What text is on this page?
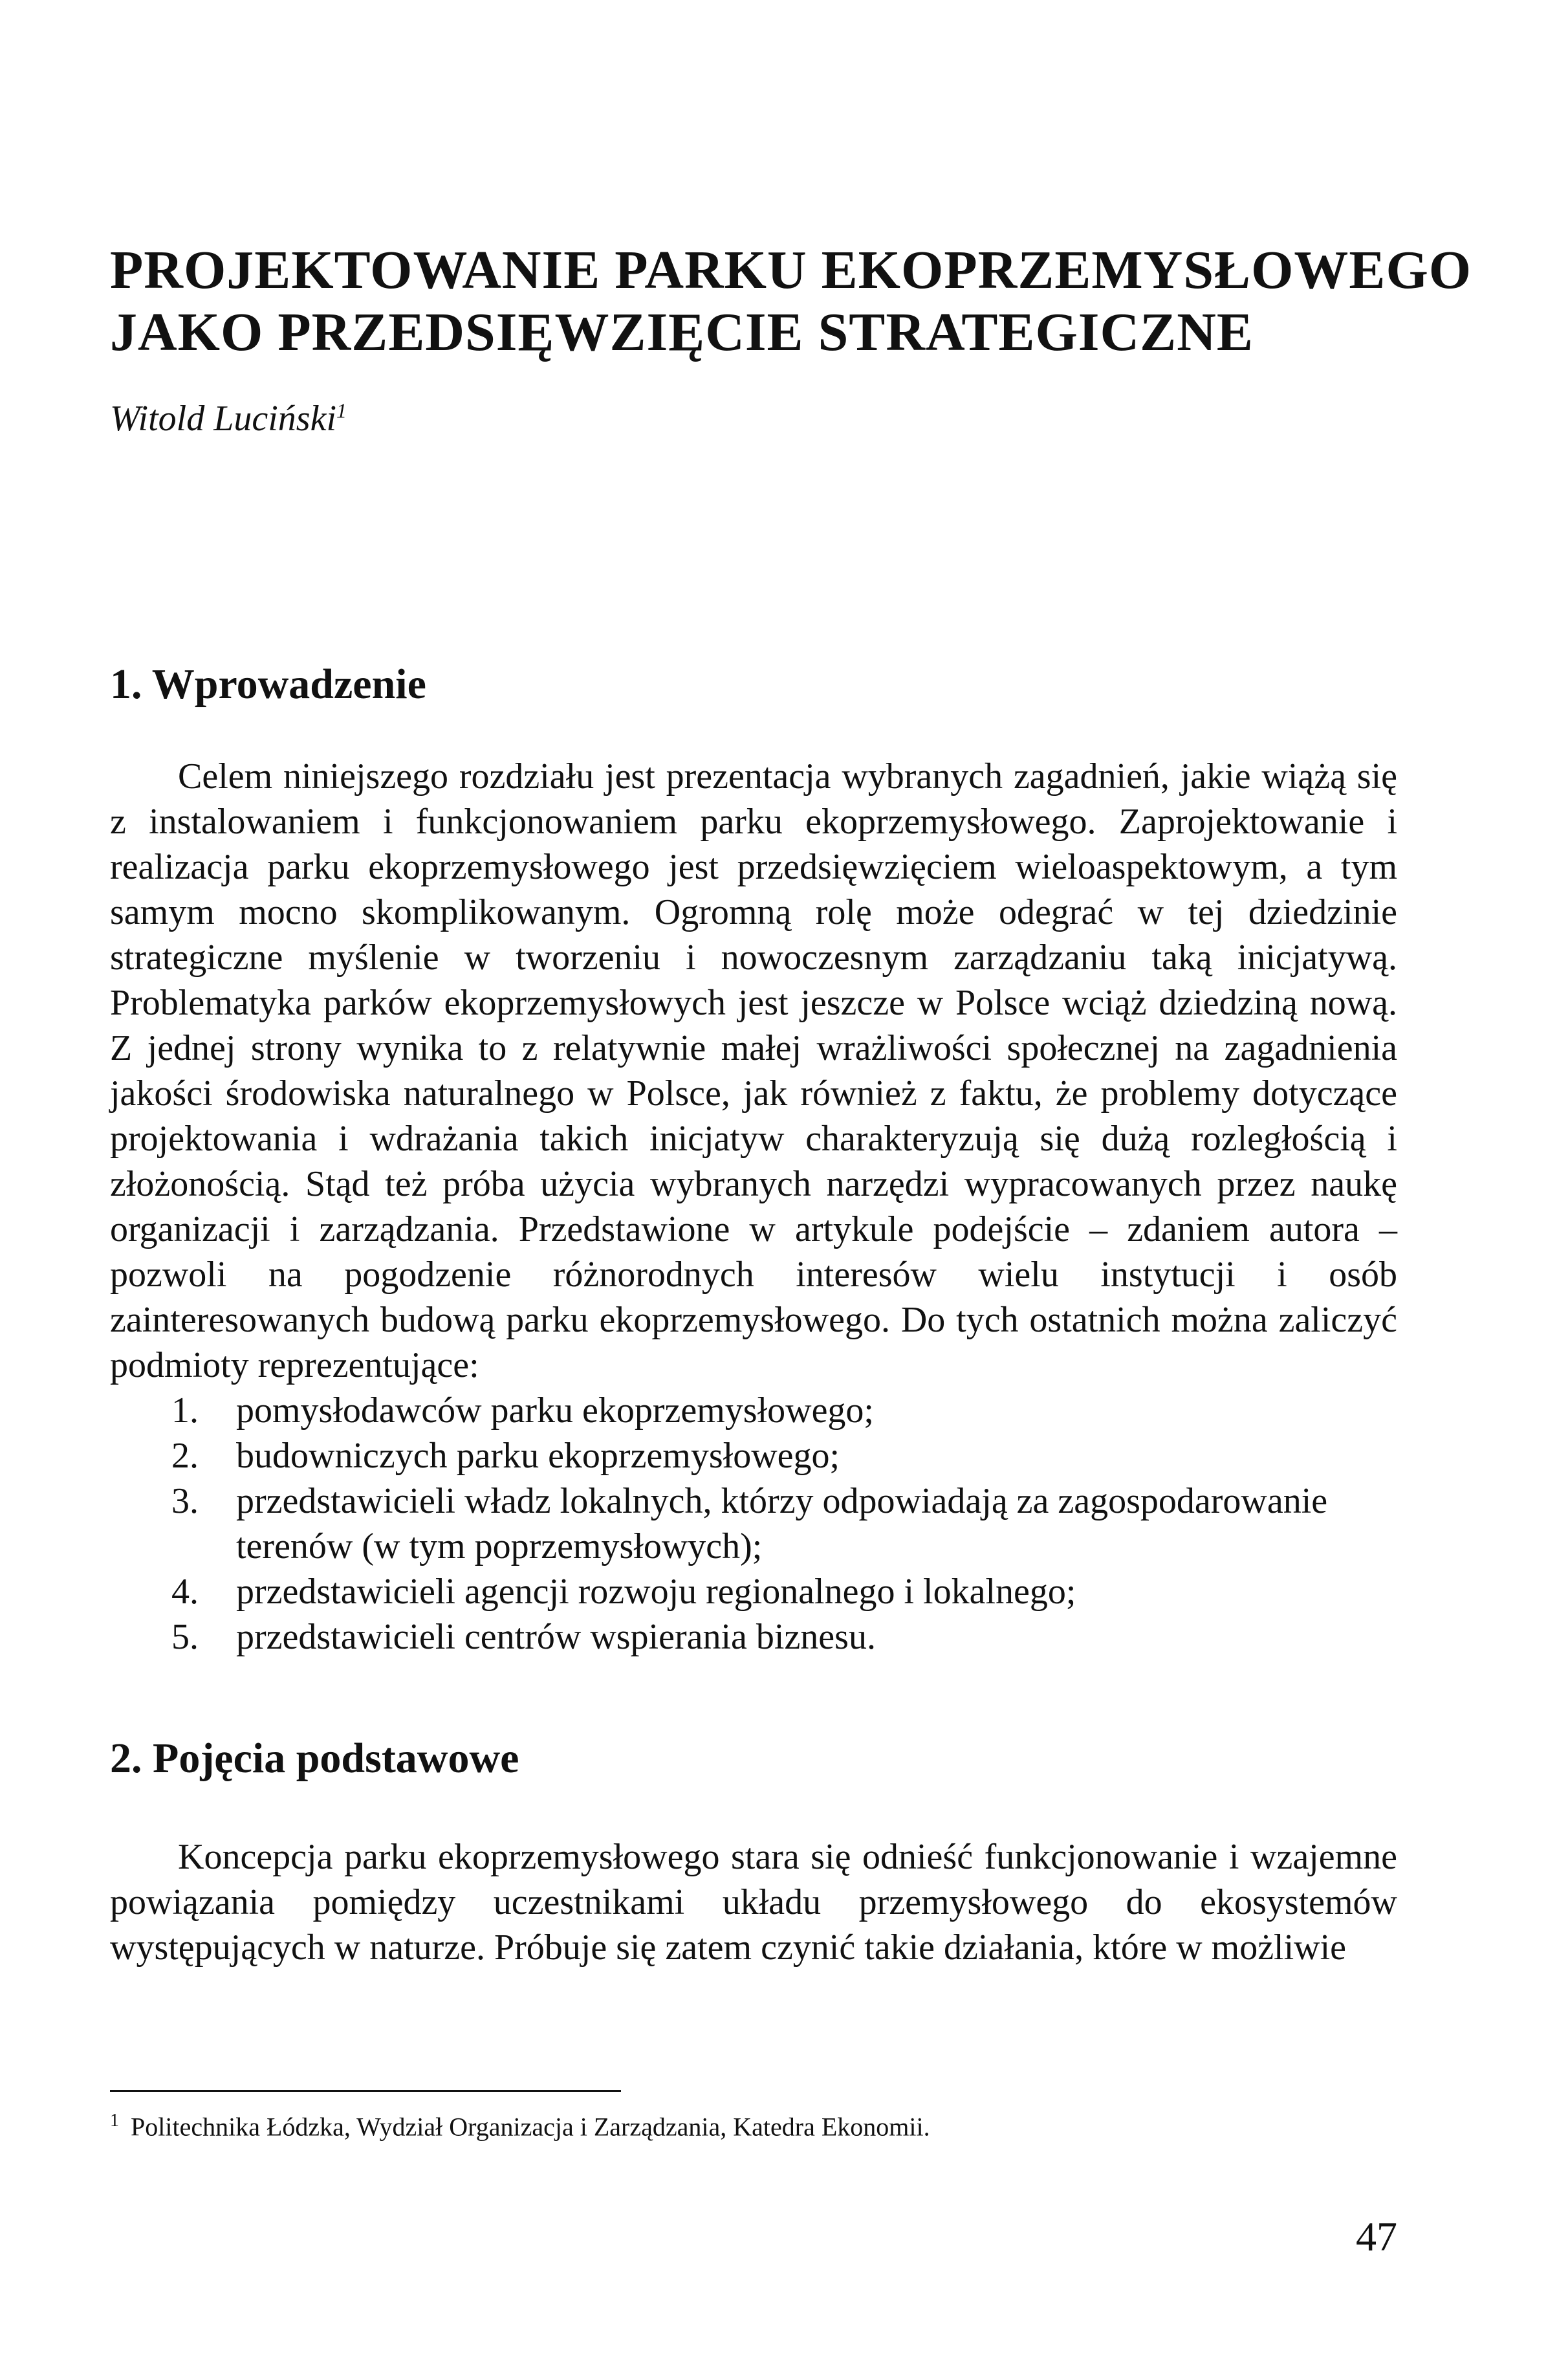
PROJEKTOWANIE PARKU EKOPRZEMYSŁOWEGO
JAKO PRZEDSIĘWZIĘCIE STRATEGICZNE

Witold Luciński$^1$

1. Wprowadzenie

Celem niniejszego rozdziału jest prezentacja wybranych zagadnień, jakie wiążą się z instalowaniem i funkcjonowaniem parku ekoprzemysłowego. Zaprojektowanie i realizacja parku ekoprzemysłowego jest przedsięwzięciem wieloaspektowym, a tym samym mocno skomplikowanym. Ogromną rolę może odegrać w tej dziedzinie strategiczne myślenie w tworzeniu i nowoczesnym zarządzaniu taką inicjatywą. Problematyka parków ekoprzemysłowych jest jeszcze w Polsce wciąż dziedziną nową. Z jednej strony wynika to z relatywnie małej wrażliwości społecznej na zagadnienia jakości środowiska naturalnego w Polsce, jak również z faktu, że problemy dotyczące projektowania i wdrażania takich inicjatyw charakteryzują się dużą rozległością i złożonością. Stąd też próba użycia wybranych narzędzi wypracowanych przez naukę organizacji i zarządzania. Przedstawione w artykule podejście – zdaniem autora – pozwoli na pogodzenie różnorodnych interesów wielu instytucji i osób zainteresowanych budową parku ekoprzemysłowego. Do tych ostatnich można zaliczyć podmioty reprezentujące:

1.	pomysłodawców parku ekoprzemysłowego;
2.	budowniczych parku ekoprzemysłowego;
3.	przedstawicieli władz lokalnych, którzy odpowiadają za zagospodarowanie terenów (w tym poprzemysłowych);
4.	przedstawicieli agencji rozwoju regionalnego i lokalnego;
5.	przedstawicieli centrów wspierania biznesu.
2. Pojęcia podstawowe

Koncepcja parku ekoprzemysłowego stara się odnieść funkcjonowanie i wzajemne powiązania pomiędzy uczestnikami układu przemysłowego do ekosystemów występujących w naturze. Próbuje się zatem czynić takie działania, które w możliwie

$^1$ Politechnika Łódzka, Wydział Organizacja i Zarządzania, Katedra Ekonomii.

47
